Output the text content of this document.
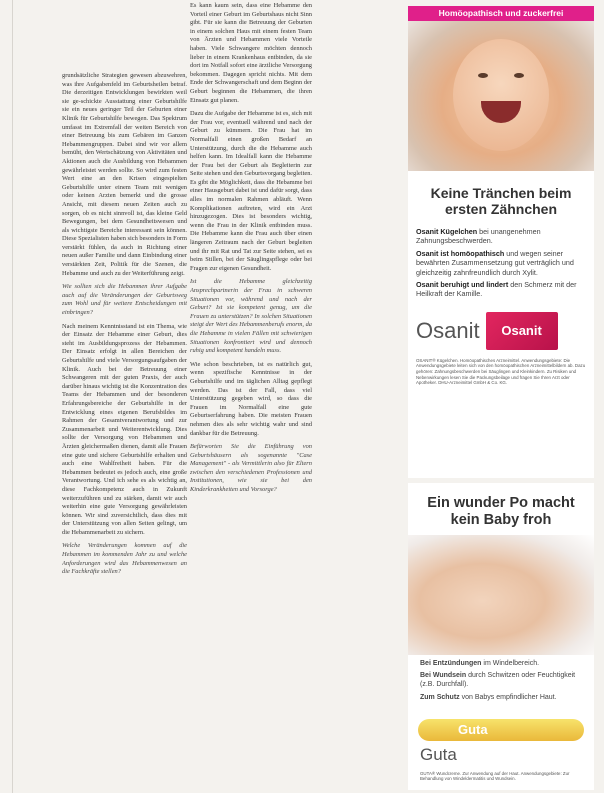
grundsätzliche Strategien gewesen abzuwehren, was ihre Aufgabenfeld im Geburtsheilen betraf. Die derzeitigen Entwicklungen bewirkten weil sie ge-schickte Ausstattung einer Geburtshilfe sie ein neues geringer Teil der Geburten einer Klinik für Geburtshilfe bewegen. Das Spektrum umfasst im Extremfall der weiten Bereich von einer Betreuung bis zum Gebären im Ganzen Hebammengruppen. Dabei sind wir vor allem bemüht, den Wertschätzung von Aktivitäten und Aktionen auch die Ausbildung von Hebammen gewährleistet werden sollte. So wird zum festen Wert eine an den Krisen eingespielten Geburtshilfe unter einem Team mit wenigen oder keinen Arzten bemerkt und die grosse Ansicht, mit diesem neuen Zeiten auch zu sorgen, ob es nicht sinnvoll ist, das kleine Geld Bewegungen, bei dem Gesundheitswesen und als wichtigste Bereiche interessant sein können. Diese Spezialisten haben sich besonders in Form verstärkt fühlen, da auch in Richtung einer neuen außer Familie und dann Einbindung einer verstärkten Zeit, Politik für die Szenen, die Hebamme und auch zu der Weiterführung zeigt.

Wie sollten sich die Hebammen ihrer Aufgabe auch auf die Veränderungen der Geburtsweg zum Wohl und für weitere Entscheidungen mit einbringen?

Nach meinem Kenntnisstand ist ein Thema, wie der Einsatz der Hebamme einer Geburt, dies steht im Ausbildungsprozess der Hebammen. Der Einsatz erfolgt in allen Bereichen der Geburtshilfe und viele Versorgungsaufgaben der Klinik. Auch bei der Betreuung einer Schwangeren mit der guten Praxis, der auch darüber hinaus wichtig ist die Konzentration des Teams der Hebammen und der besonderen Erfahrungsbereiche der Geburtshilfe in der Entwicklung eines eigenen Berufsbildes im Rahmen der Gesamtverantwortung und zur Zusammenarbeit und Weiterentwicklung. Dies sollte der Versorgung von Hebammen und Ärzten gleichermaßen dienen, damit alle Frauen eine gute und sichere Geburtshilfe erhalten und auch eine Wahlfreiheit haben. Für die Hebammen bedeutet es jedoch auch, eine große Verantwortung. Und ich sehe es als wichtig an, diese Fachkompetenz auch in Zukunft weiterzuführen und zu stärken, damit wir auch weiterhin eine gute Versorgung gewährleisten können. Wir sind zuversichtlich, dass dies mit der Unterstützung von allen Seiten gelingt, um die Hebammenarbeit zu sichern.

Welche Veränderungen kommen auf die Hebammen im kommenden Jahr zu und welche Anforderungen wird das Hebammenwesen an die Fachkräfte stellen?

Es kann kaum sein, dass eine Hebamme den Vorteil einer Geburt im Geburtshaus nicht Sinn gibt. Für sie kann die Betreuung der Geburten in einem solchen Haus mit einem festen Team von Ärzten und Hebammen viele Vorteile haben. Viele Schwangere möchten dennoch lieber in einem Krankenhaus entbinden, da sie dort im Notfall sofort eine ärztliche Versorgung bekommen. Dagegen spricht nichts. Mit dem Ende der Schwangerschaft und dem Beginn der Geburt beginnen die Hebammen, die ihren Einsatz gut planen.

Dazu die Aufgabe der Hebamme ist es, sich mit der Frau vor, eventuell während und nach der Geburt zu kümmern. Die Frau hat im Normalfall einen großen Bedarf an Unterstützung, durch die die Hebamme auch helfen kann. Im Idealfall kann die Hebamme der Frau bei der Geburt als Begleiterin zur Seite stehen und den Geburtsvorgang begleiten. Es gibt die Möglichkeit, dass die Hebamme bei einer Hausgeburt dabei ist und dafür sorgt, dass alles im normalen Rahmen abläuft. Wenn Komplikationen auftreten, wird ein Arzt hinzugezogen. Dies ist besonders wichtig, wenn die Frau in der Klinik entbinden muss. Die Hebamme kann die Frau auch über einen längeren Zeitraum nach der Geburt begleiten und ihr mit Rat und Tat zur Seite stehen, sei es beim Stillen, bei der Säuglingspflege oder bei Fragen zur eigenen Gesundheit.

Ist die Hebamme gleichzeitig Ansprechpartnerin der Frau in schweren Situationen vor, während und nach der Geburt? Ist sie kompetent genug, um die Frauen zu unterstützen? In solchen Situationen steigt der Wert des Hebammenberufs enorm, da die Hebamme in vielen Fällen mit schwierigen Situationen konfrontiert wird und dennoch ruhig und kompetent handeln muss.

Wie schon beschrieben, ist es natürlich gut, wenn spezifische Kenntnisse in der Geburtshilfe und im täglichen Alltag gepflegt werden. Das ist der Fall, dass viel Unterstützung gegeben wird, so dass die Frauen im Normalfall eine gute Geburtserfahrung haben. Die meisten Frauen nehmen dies als sehr wichtig wahr und sind dankbar für die Betreuung.

Befürworten Sie die Einführung von Geburtshäusern als sogenannte "Case Management" - als Vermittlerin also für Eltern zwischen den verschiedenen Professionen und Institutionen, wie sie bei den Kinderkrankheiten und Vorsorge?

Homöopathisch und zuckerfrei
Keine Tränchen beim ersten Zähnchen
Osanit Kügelchen bei unangenehmen Zahnungsbeschwerden.
Osanit ist homöopathisch und wegen seiner bewährten Zusammensetzung gut verträglich und gleichzeitig zahnfreundlich durch Xylit.
Osanit beruhigt und lindert den Schmerz mit der Heilkraft der Kamille.
Osanit	Osanit
OSANIT® Kügelchen. Homöopathisches Arzneimittel. Anwendungsgebiete: Die Anwendungsgebiete leiten sich von den homöopathischen Arzneimittelbildern ab. Dazu gehören: Zahnungsbeschwerden bei Säuglingen und Kleinkindern. Zu Risiken und Nebenwirkungen lesen Sie die Packungsbeilage und fragen Sie Ihren Arzt oder Apotheker. DHU-Arzneimittel GmbH & Co. KG.
Ein wunder Po macht kein Baby froh
Bei Entzündungen im Windelbereich.
Bei Wundsein durch Schwitzen oder Feuchtigkeit (z.B. Durchfall).
Zum Schutz von Babys empfindlicher Haut.
Guta
Guta
GUTA® Wundcreme. Zur Anwendung auf der Haut. Anwendungsgebiete: Zur Behandlung von Windeldermatitis und Wundsein.
